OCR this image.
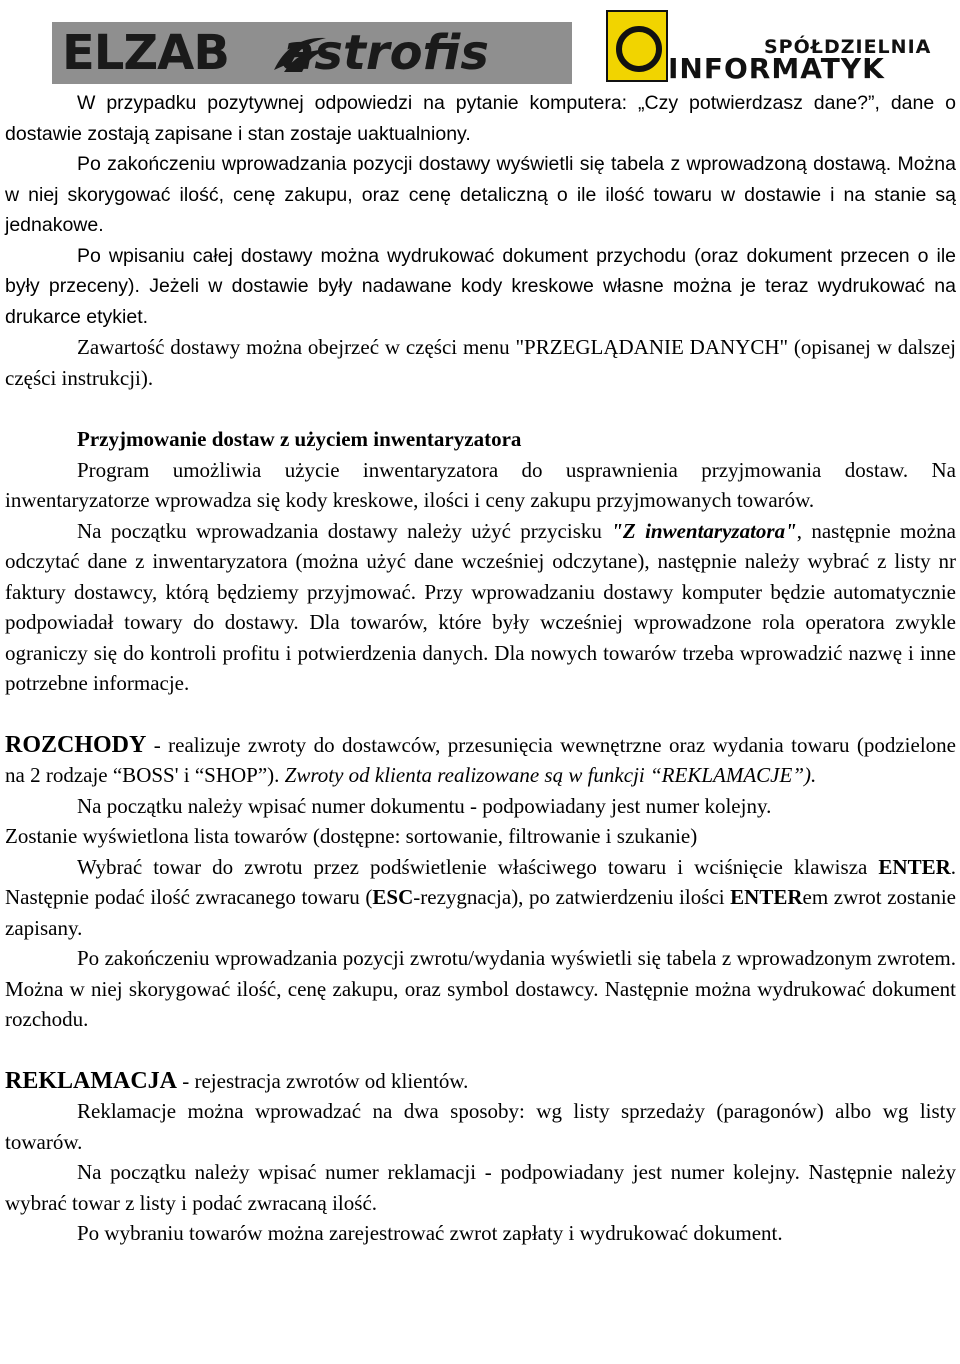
ELZAB astrofis	SPÓŁDZIELNIA
INFORMATYK

W przypadku pozytywnej odpowiedzi na pytanie komputera: „Czy potwierdzasz dane?”, dane o dostawie zostają zapisane i stan zostaje uaktualniony.

Po zakończeniu wprowadzania pozycji dostawy wyświetli się tabela z wprowadzoną dostawą. Można w niej skorygować ilość, cenę zakupu, oraz cenę detaliczną o ile ilość towaru w dostawie i na stanie są jednakowe.

Po wpisaniu całej dostawy można wydrukować dokument przychodu (oraz dokument przecen o ile były przeceny). Jeżeli w dostawie były nadawane kody kreskowe własne można je teraz wydrukować na drukarce etykiet.

Zawartość dostawy można obejrzeć w części menu "PRZEGLĄDANIE DANYCH" (opisanej w dalszej części instrukcji).

Przyjmowanie dostaw z użyciem inwentaryzatora

Program umożliwia użycie inwentaryzatora do usprawnienia przyjmowania dostaw. Na inwentaryzatorze wprowadza się kody kreskowe, ilości i ceny zakupu przyjmowanych towarów.

Na początku wprowadzania dostawy należy użyć przycisku "Z inwentaryzatora", następnie można odczytać dane z inwentaryzatora (można użyć dane wcześniej odczytane), następnie należy wybrać z listy nr faktury dostawcy, którą będziemy przyjmować. Przy wprowadzaniu dostawy komputer będzie automatycznie podpowiadał towary do dostawy. Dla towarów, które były wcześniej wprowadzone rola operatora zwykle ograniczy się do kontroli profitu i potwierdzenia danych. Dla nowych towarów trzeba wprowadzić nazwę i inne potrzebne informacje.

ROZCHODY - realizuje zwroty do dostawców, przesunięcia wewnętrzne oraz wydania towaru (podzielone na 2 rodzaje “BOSS' i “SHOP”). Zwroty od klienta realizowane są w funkcji “REKLAMACJE”).

Na początku należy wpisać numer dokumentu - podpowiadany jest numer kolejny.

Zostanie wyświetlona lista towarów (dostępne: sortowanie, filtrowanie i szukanie)

Wybrać towar do zwrotu przez podświetlenie właściwego towaru i wciśnięcie klawisza ENTER. Następnie podać ilość zwracanego towaru (ESC-rezygnacja), po zatwierdzeniu ilości ENTERem zwrot zostanie zapisany.

Po zakończeniu wprowadzania pozycji zwrotu/wydania wyświetli się tabela z wprowadzonym zwrotem. Można w niej skorygować ilość, cenę zakupu, oraz symbol dostawcy. Następnie można wydrukować dokument rozchodu.

REKLAMACJA - rejestracja zwrotów od klientów.

Reklamacje można wprowadzać na dwa sposoby: wg listy sprzedaży (paragonów) albo wg listy towarów.

Na początku należy wpisać numer reklamacji - podpowiadany jest numer kolejny. Następnie należy wybrać towar z listy i podać zwracaną ilość.

Po wybraniu towarów można zarejestrować zwrot zapłaty i wydrukować dokument.
